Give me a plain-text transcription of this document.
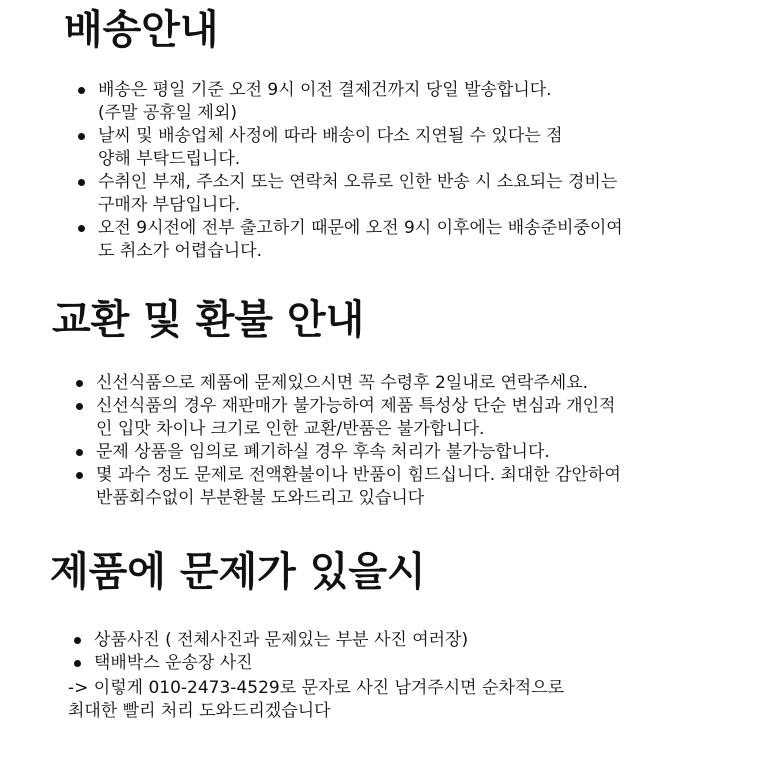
배송안내
배송은 평일 기준 오전 9시 이전 결제건까지 당일 발송합니다.
(주말 공휴일 제외)
날씨 및 배송업체 사정에 따라 배송이 다소 지연될 수 있다는 점
양해 부탁드립니다.
수취인 부재, 주소지 또는 연락처 오류로 인한 반송 시 소요되는 경비는
구매자 부담입니다.
오전 9시전에 전부 출고하기 때문에 오전 9시 이후에는 배송준비중이여
도 취소가 어렵습니다.
교환 및 환불 안내
신선식품으로 제품에 문제있으시면 꼭 수령후 2일내로 연락주세요.
신선식품의 경우 재판매가 불가능하여 제품 특성상 단순 변심과 개인적
인 입맛 차이나 크기로 인한 교환/반품은 불가합니다.
문제 상품을 임의로 폐기하실 경우 후속 처리가 불가능합니다.
몇 과수 정도 문제로 전액환불이나 반품이 힘드십니다. 최대한 감안하여
반품회수없이 부분환불 도와드리고 있습니다
제품에 문제가 있을시
상품사진 ( 전체사진과 문제있는 부분 사진 여러장)
택배박스 운송장 사진
-> 이렇게 010-2473-4529로 문자로 사진 남겨주시면 순차적으로
최대한 빨리 처리 도와드리겠습니다
